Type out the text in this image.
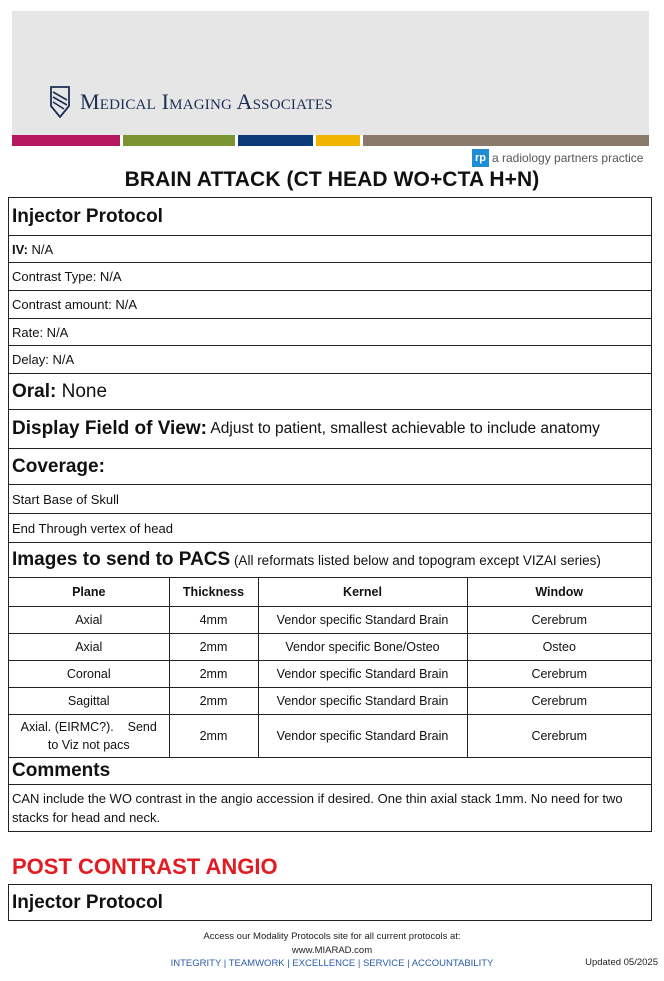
Medical Imaging Associates
rp a radiology partners practice
BRAIN ATTACK (CT HEAD WO+CTA H+N)
Injector Protocol
IV: N/A
Contrast Type: N/A
Contrast amount: N/A
Rate: N/A
Delay: N/A
Oral: None
Display Field of View: Adjust to patient, smallest achievable to include anatomy
Coverage:
Start Base of Skull
End Through vertex of head
Images to send to PACS (All reformats listed below and topogram except VIZAI series)
Plane	Thickness	Kernel	Window
Axial	4mm	Vendor specific Standard Brain	Cerebrum
Axial	2mm	Vendor specific Bone/Osteo	Osteo
Coronal	2mm	Vendor specific Standard Brain	Cerebrum
Sagittal	2mm	Vendor specific Standard Brain	Cerebrum

Axial. (EIRMC?).    Send
to Viz not pacs	2mm	Vendor specific Standard Brain	Cerebrum
Comments
CAN include the WO contrast in the angio accession if desired. One thin axial stack 1mm. No need for two stacks for head and neck.
POST CONTRAST ANGIO
Injector Protocol
Access our Modality Protocols site for all current protocols at:
www.MIARAD.com
INTEGRITY | TEAMWORK | EXCELLENCE | SERVICE | ACCOUNTABILITY	Updated 05/2025
